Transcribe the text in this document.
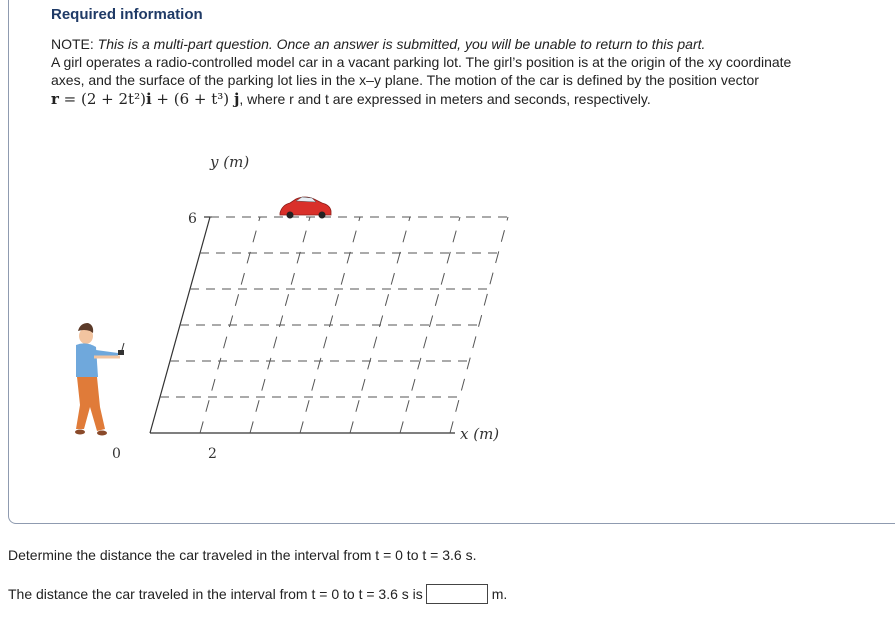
Required information
NOTE: This is a multi-part question. Once an answer is submitted, you will be unable to return to this part.
A girl operates a radio-controlled model car in a vacant parking lot. The girl’s position is at the origin of the xy coordinate
axes, and the surface of the parking lot lies in the x–y plane. The motion of the car is defined by the position vector
r = (2 + 2t²)i + (6 + t³) j, where r and t are expressed in meters and seconds, respectively.
y (m)
6
0	2
x (m)
Determine the distance the car traveled in the interval from t = 0 to t = 3.6 s.
The distance the car traveled in the interval from t = 0 to t = 3.6 s is	m.
